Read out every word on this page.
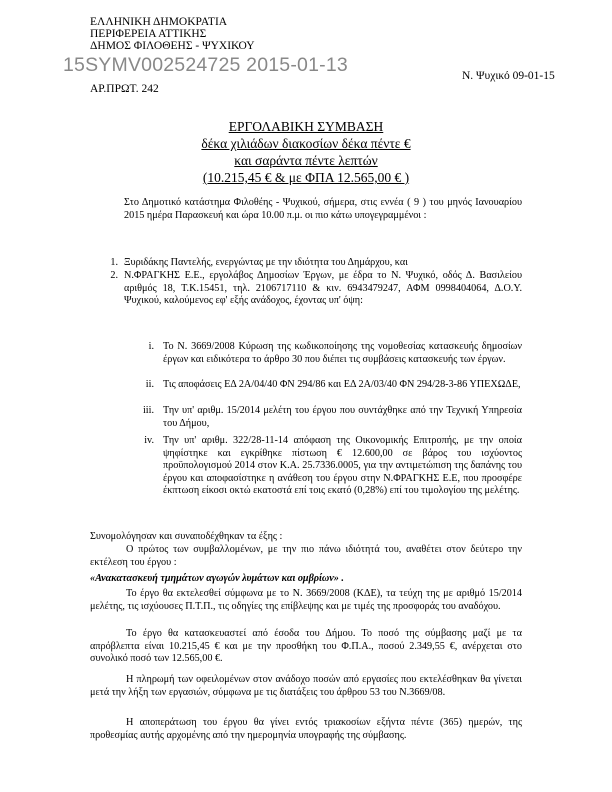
ΕΛΛΗΝΙΚΗ ΔΗΜΟΚΡΑΤΙΑ
ΠΕΡΙΦΕΡΕΙΑ ΑΤΤΙΚΗΣ
ΔΗΜΟΣ ΦΙΛΟΘΕΗΣ - ΨΥΧΙΚΟΥ
15SYMV002524725 2015-01-13	Ν. Ψυχικό 09-01-15
ΑΡ.ΠΡΩΤ. 242
ΕΡΓΟΛΑΒΙΚΗ ΣΥΜΒΑΣΗ
δέκα χιλιάδων διακοσίων δέκα πέντε €
και σαράντα πέντε λεπτών
(10.215,45 € & με ΦΠΑ 12.565,00 € )

Στο Δημοτικό κατάστημα Φιλοθέης - Ψυχικού, σήμερα, στις εννέα ( 9 ) του μηνός Ιανουαρίου 2015 ημέρα Παρασκευή και ώρα 10.00 π.μ. οι πιο κάτω υπογεγραμμένοι :

1. Ξυριδάκης Παντελής, ενεργώντας με την ιδιότητα του Δημάρχου, και

2. Ν.ΦΡΑΓΚΗΣ Ε.Ε., εργολάβος Δημοσίων Έργων, με έδρα το Ν. Ψυχικό, οδός Δ. Βασιλείου αριθμός 18, Τ.Κ.15451, τηλ. 2106717110 & κιν. 6943479247, ΑΦΜ 0998404064, Δ.Ο.Υ. Ψυχικού, καλούμενος εφ' εξής ανάδοχος, έχοντας υπ' όψη:

i. Το Ν. 3669/2008 Κύρωση της κωδικοποίησης της νομοθεσίας κατασκευής δημοσίων έργων και ειδικότερα το άρθρο 30 που διέπει τις συμβάσεις κατασκευής των έργων.

ii. Τις αποφάσεις ΕΔ 2Α/04/40 ΦΝ 294/86 και ΕΔ 2Α/03/40 ΦΝ 294/28-3-86 ΥΠΕΧΩΔΕ,

iii. Την υπ' αριθμ. 15/2014 μελέτη του έργου που συντάχθηκε από την Τεχνική Υπηρεσία του Δήμου,

iv. Την υπ' αριθμ. 322/28-11-14 απόφαση της Οικονομικής Επιτροπής, με την οποία ψηφίστηκε και εγκρίθηκε πίστωση € 12.600,00 σε βάρος του ισχύοντος προϋπολογισμού 2014 στον Κ.Α. 25.7336.0005, για την αντιμετώπιση της δαπάνης του έργου και αποφασίστηκε η ανάθεση του έργου στην Ν.ΦΡΑΓΚΗΣ Ε.Ε, που προσφέρε έκπτωση είκοσι οκτώ εκατοστά επί τοις εκατό (0,28%) επί του τιμολογίου της μελέτης.

Συνομολόγησαν και συναποδέχθηκαν τα έξης :

Ο πρώτος των συμβαλλομένων, με την πιο πάνω ιδιότητά του, αναθέτει στον δεύτερο την εκτέλεση του έργου :

«Ανακατασκευή τμημάτων αγωγών λυμάτων και ομβρίων» .

Το έργο θα εκτελεσθεί σύμφωνα με το Ν. 3669/2008 (ΚΔΕ), τα τεύχη της με αριθμό 15/2014 μελέτης, τις ισχύουσες Π.Τ.Π., τις οδηγίες της επίβλεψης και με τιμές της προσφοράς του αναδόχου.

Το έργο θα κατασκευαστεί από έσοδα του Δήμου. Το ποσό της σύμβασης μαζί με τα απρόβλεπτα είναι 10.215,45 € και με την προσθήκη του Φ.Π.Α., ποσού 2.349,55 €, ανέρχεται στο συνολικό ποσό των 12.565,00 €.

Η πληρωμή των οφειλομένων στον ανάδοχο ποσών από εργασίες που εκτελέσθηκαν θα γίνεται μετά την λήξη των εργασιών, σύμφωνα με τις διατάξεις του άρθρου 53 του Ν.3669/08.

Η αποπεράτωση του έργου θα γίνει εντός τριακοσίων εξήντα πέντε (365) ημερών, της προθεσμίας αυτής αρχομένης από την ημερομηνία υπογραφής της σύμβασης.
